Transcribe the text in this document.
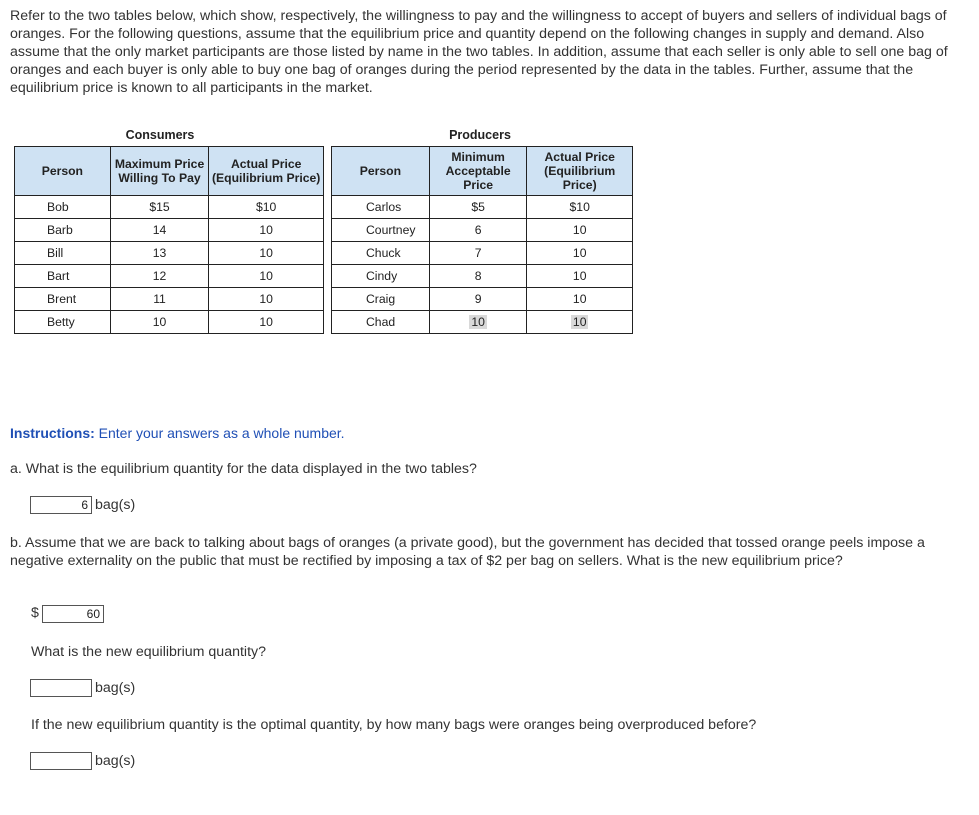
Refer to the two tables below, which show, respectively, the willingness to pay and the willingness to accept of buyers and sellers of individual bags of oranges. For the following questions, assume that the equilibrium price and quantity depend on the following changes in supply and demand. Also assume that the only market participants are those listed by name in the two tables. In addition, assume that each seller is only able to sell one bag of oranges and each buyer is only able to buy one bag of oranges during the period represented by the data in the tables. Further, assume that the equilibrium price is known to all participants in the market.
Consumers
Person	Maximum Price Willing To Pay	Actual Price (Equilibrium Price)
Bob	$15	$10
Barb	14	10
Bill	13	10
Bart	12	10
Brent	11	10
Betty	10	10
Producers
Person	Minimum Acceptable Price	Actual Price (Equilibrium Price)
Carlos	$5	$10
Courtney	6	10
Chuck	7	10
Cindy	8	10
Craig	9	10
Chad	10	10
Instructions: Enter your answers as a whole number.
a. What is the equilibrium quantity for the data displayed in the two tables?
6
bag(s)
b. Assume that we are back to talking about bags of oranges (a private good), but the government has decided that tossed orange peels impose a negative externality on the public that must be rectified by imposing a tax of $2 per bag on sellers. What is the new equilibrium price?
$
60
What is the new equilibrium quantity?
bag(s)
If the new equilibrium quantity is the optimal quantity, by how many bags were oranges being overproduced before?
bag(s)
